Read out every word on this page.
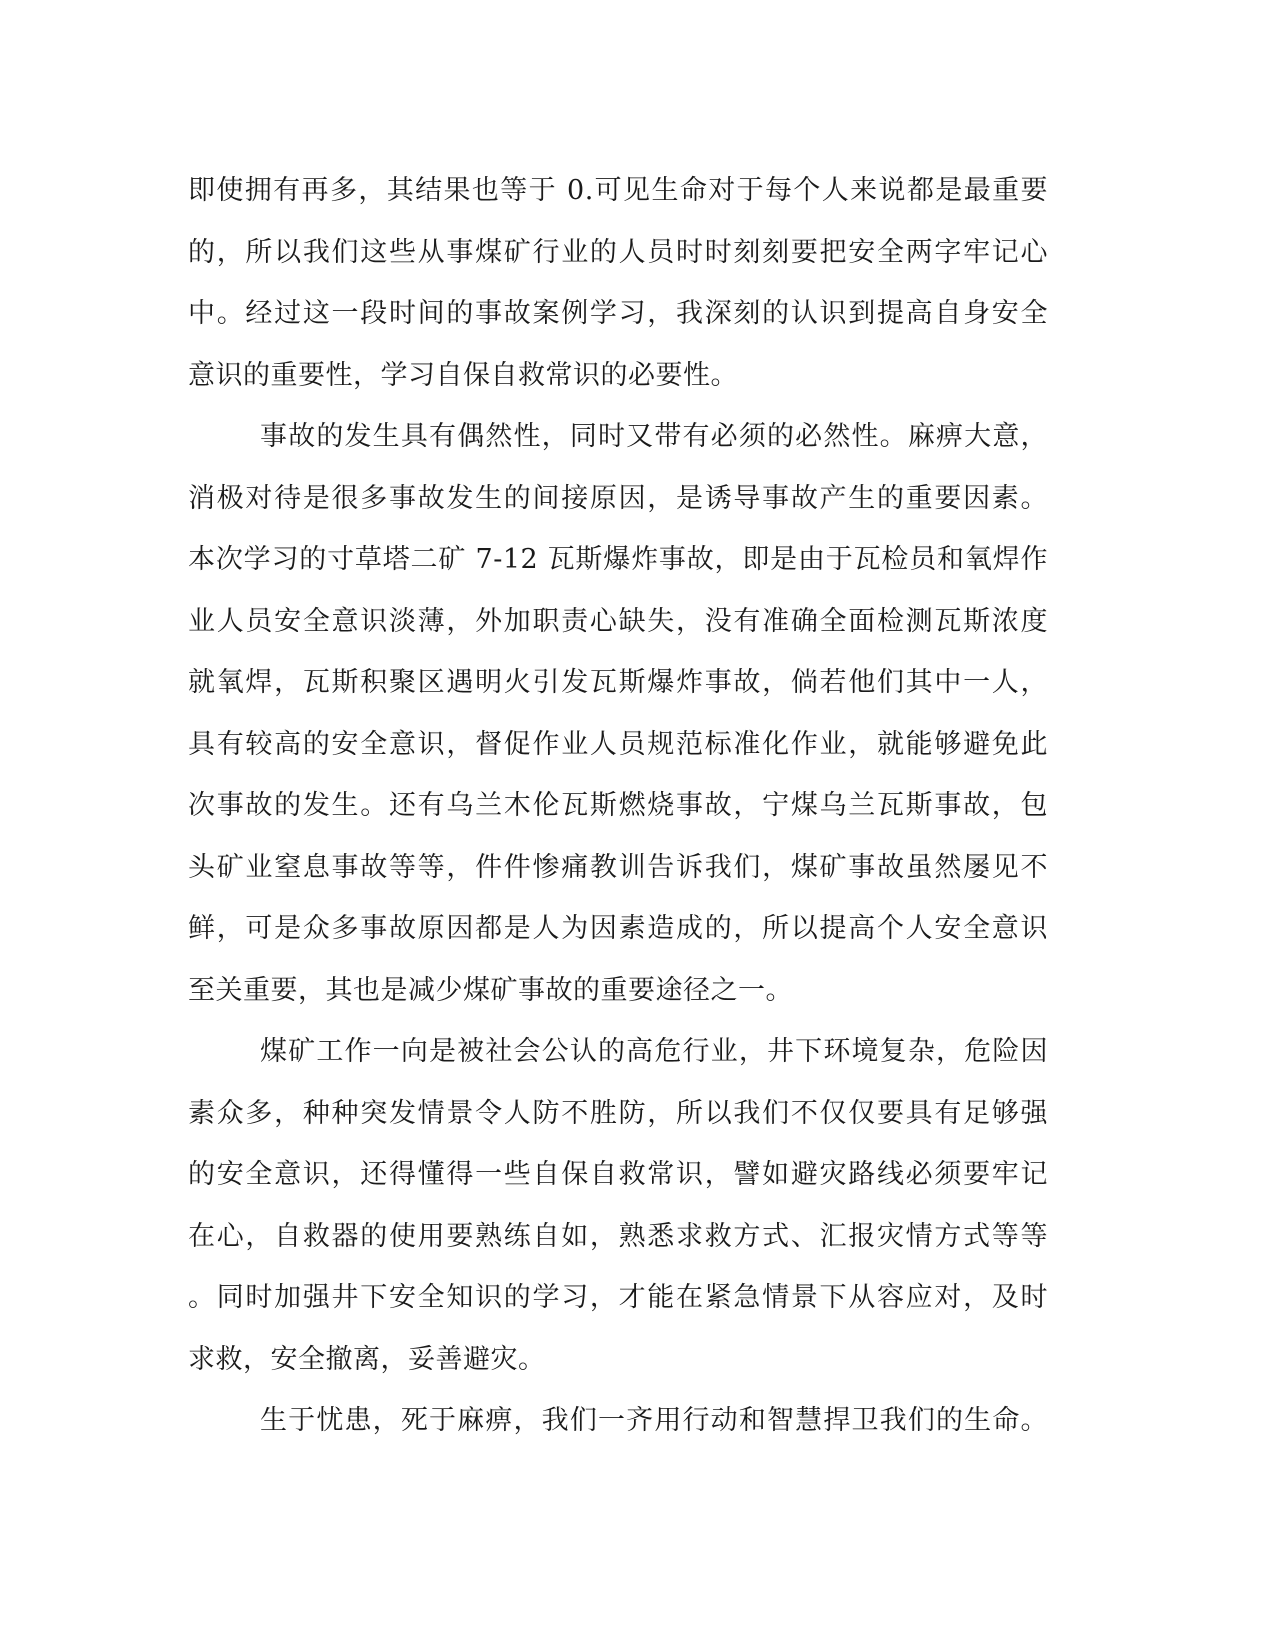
即使拥有再多，其结果也等于 0.可见生命对于每个人来说都是最重要
的，所以我们这些从事煤矿行业的人员时时刻刻要把安全两字牢记心
中。经过这一段时间的事故案例学习，我深刻的认识到提高自身安全
意识的重要性，学习自保自救常识的必要性。
事故的发生具有偶然性，同时又带有必须的必然性。麻痹大意，
消极对待是很多事故发生的间接原因，是诱导事故产生的重要因素。
本次学习的寸草塔二矿 7-12 瓦斯爆炸事故，即是由于瓦检员和氧焊作
业人员安全意识淡薄，外加职责心缺失，没有准确全面检测瓦斯浓度
就氧焊，瓦斯积聚区遇明火引发瓦斯爆炸事故，倘若他们其中一人，
具有较高的安全意识，督促作业人员规范标准化作业，就能够避免此
次事故的发生。还有乌兰木伦瓦斯燃烧事故，宁煤乌兰瓦斯事故，包
头矿业窒息事故等等，件件惨痛教训告诉我们，煤矿事故虽然屡见不
鲜，可是众多事故原因都是人为因素造成的，所以提高个人安全意识
至关重要，其也是减少煤矿事故的重要途径之一。
煤矿工作一向是被社会公认的高危行业，井下环境复杂，危险因
素众多，种种突发情景令人防不胜防，所以我们不仅仅要具有足够强
的安全意识，还得懂得一些自保自救常识，譬如避灾路线必须要牢记
在心，自救器的使用要熟练自如，熟悉求救方式、汇报灾情方式等等
。同时加强井下安全知识的学习，才能在紧急情景下从容应对，及时
求救，安全撤离，妥善避灾。
生于忧患，死于麻痹，我们一齐用行动和智慧捍卫我们的生命。
